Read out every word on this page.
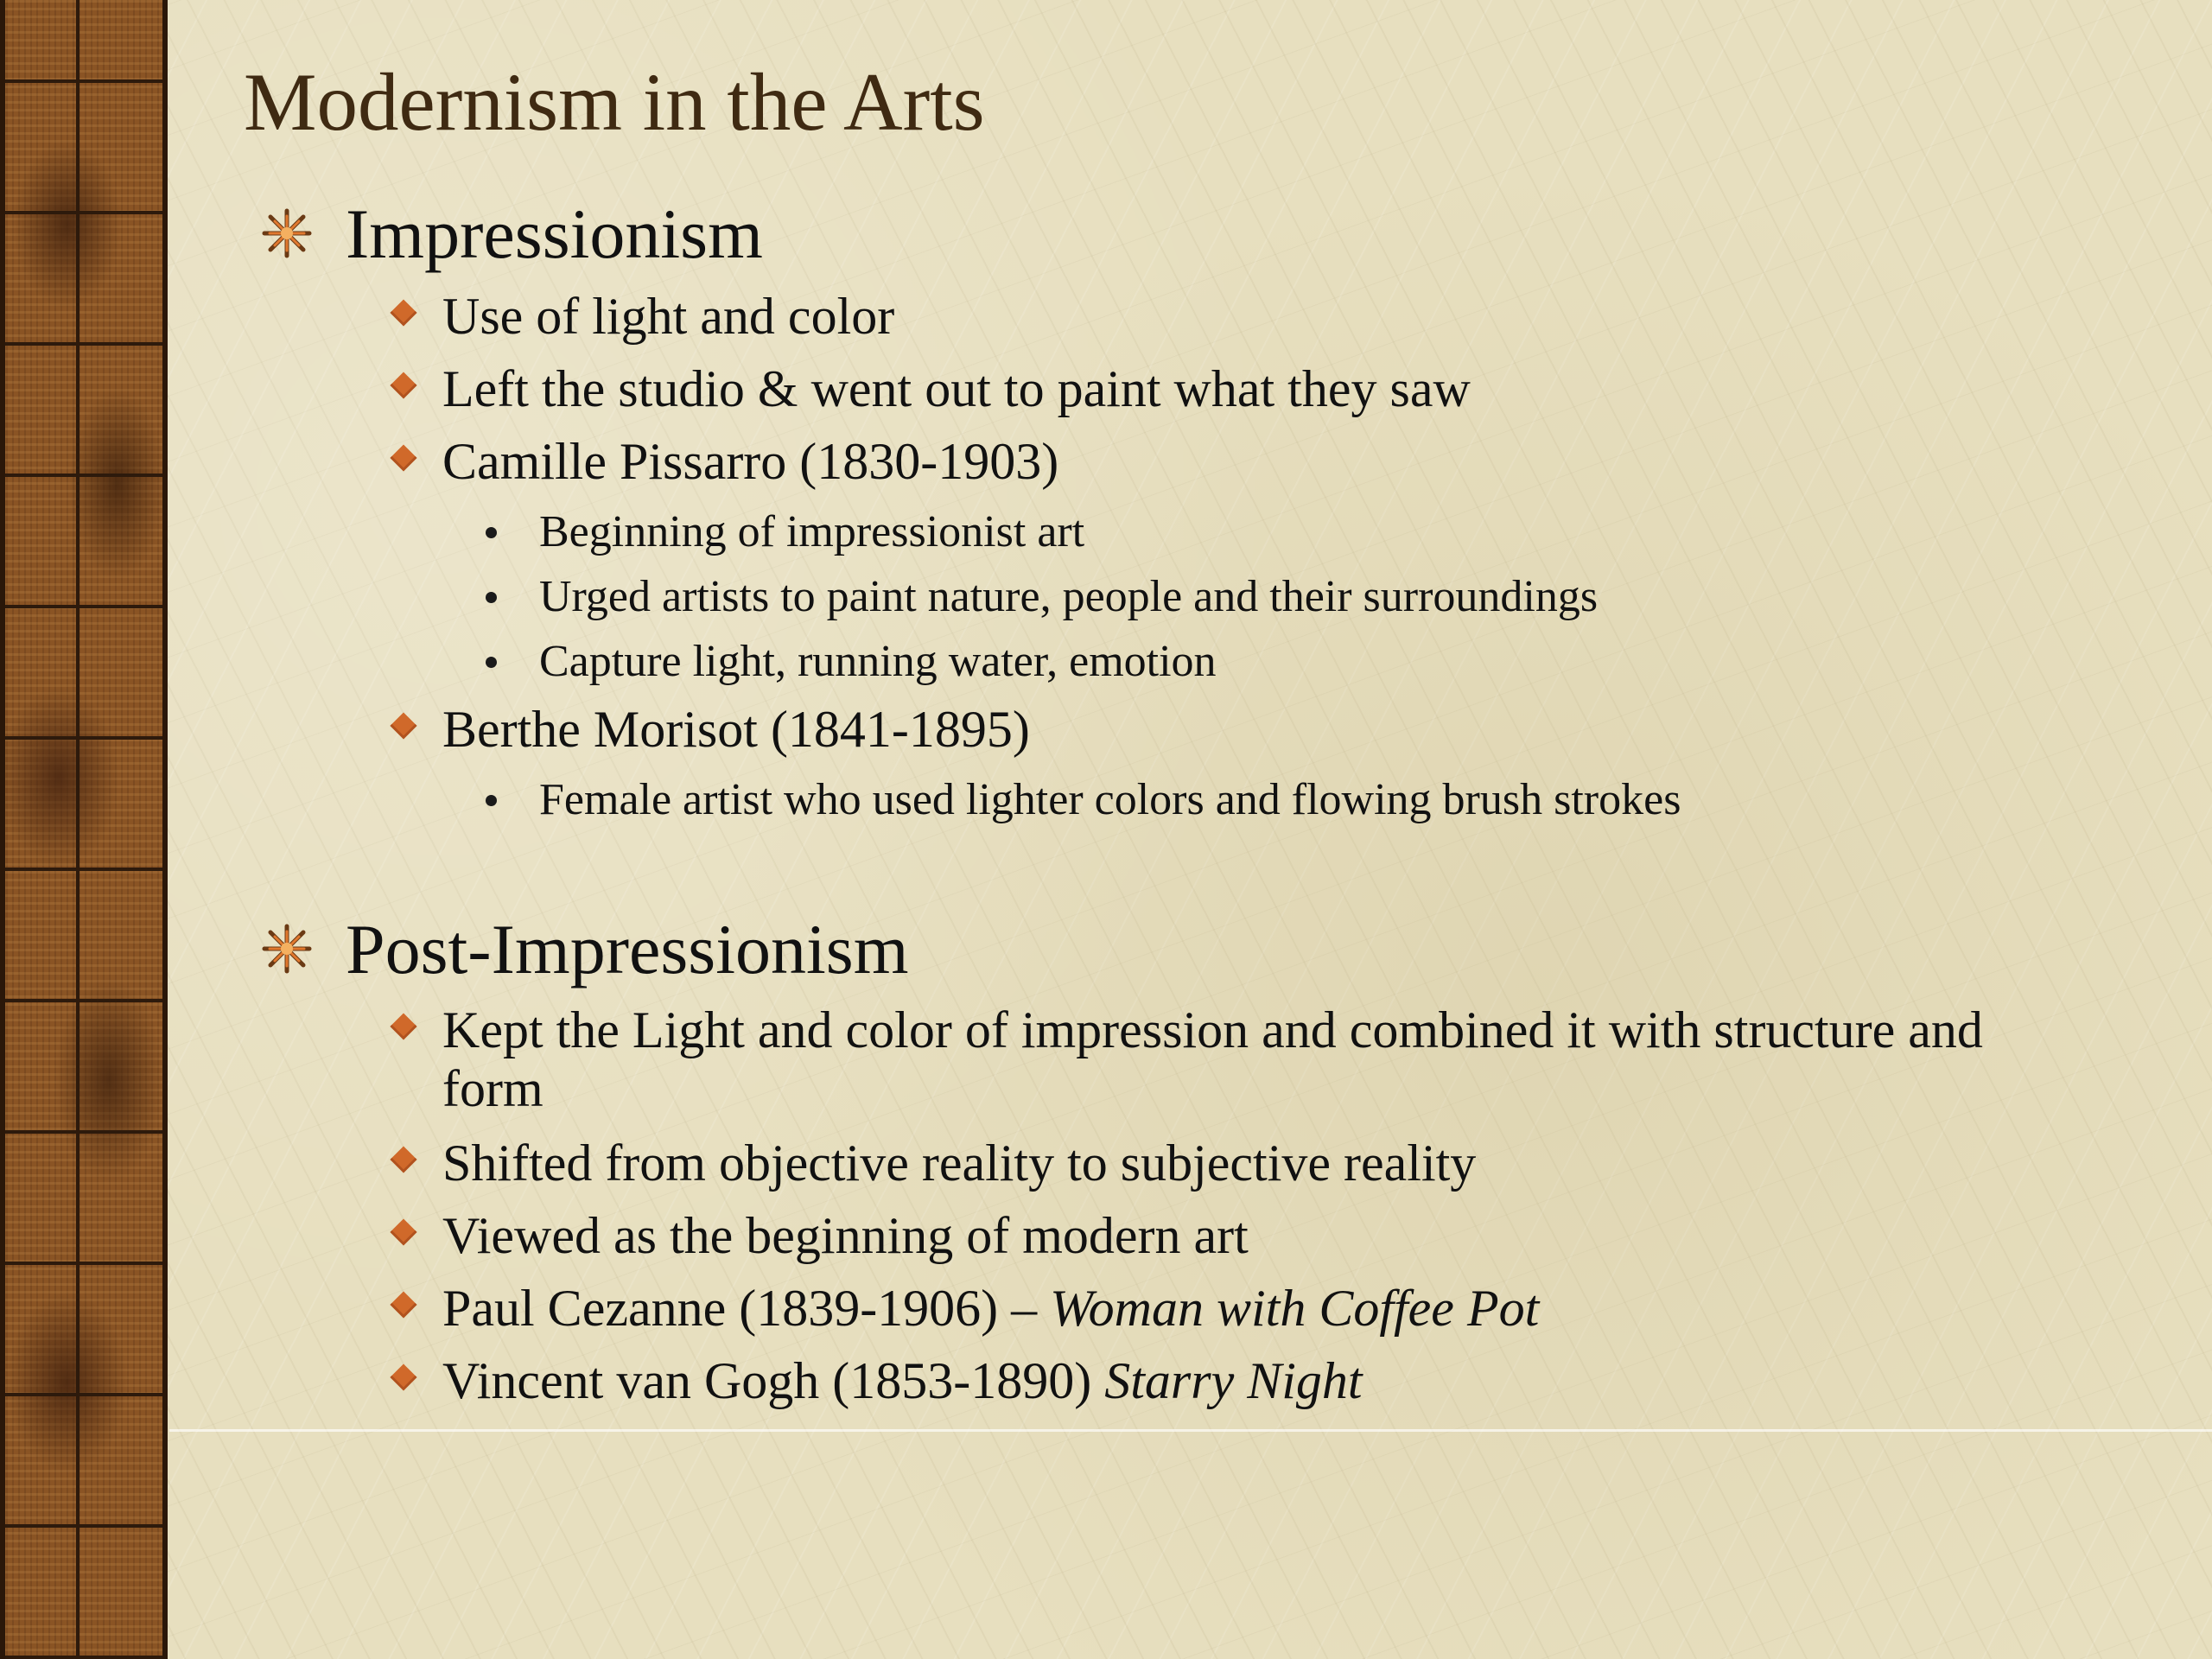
Modernism in the Arts
Impressionism
Use of light and color
Left the studio & went out to paint what they saw
Camille Pissarro (1830-1903)
Beginning of impressionist art
Urged artists to paint nature, people and their surroundings
Capture light, running water, emotion
Berthe Morisot (1841-1895)
Female artist who used lighter colors and flowing brush strokes
Post-Impressionism
Kept the Light and color of impression and combined it with structure and
form
Shifted from objective reality to subjective reality
Viewed as the beginning of modern art
Paul Cezanne (1839-1906) – Woman with Coffee Pot
Vincent van Gogh (1853-1890) Starry Night
